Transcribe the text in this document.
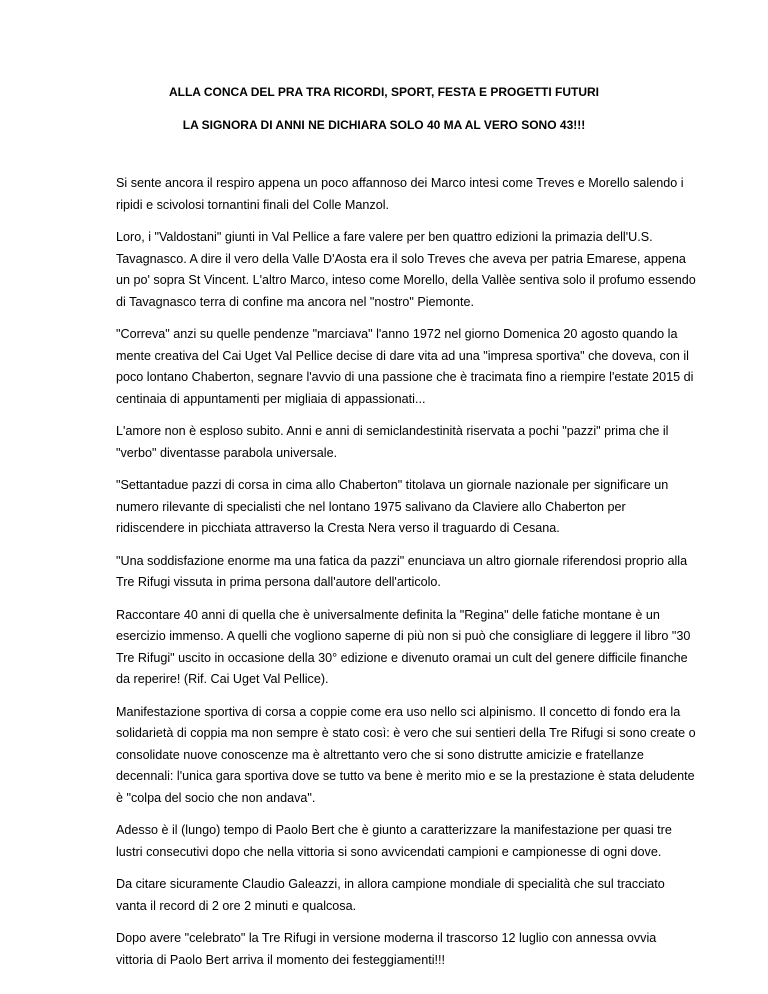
ALLA CONCA DEL PRA TRA RICORDI, SPORT, FESTA E PROGETTI FUTURI
LA SIGNORA DI ANNI NE DICHIARA SOLO 40 MA AL VERO SONO 43!!!

Si sente ancora il respiro appena un poco affannoso dei Marco intesi come Treves e Morello salendo i ripidi e scivolosi tornantini finali del Colle Manzol.

Loro, i "Valdostani" giunti in Val Pellice a fare valere per ben quattro edizioni la primazia dell'U.S. Tavagnasco. A dire il vero della Valle D'Aosta era il solo Treves che aveva per patria Emarese, appena un po' sopra St Vincent. L'altro Marco, inteso come Morello, della Vallèe sentiva solo il profumo essendo di Tavagnasco terra di confine ma ancora nel "nostro" Piemonte.

"Correva" anzi su quelle pendenze "marciava" l'anno 1972 nel giorno Domenica 20 agosto quando la mente creativa del Cai Uget Val Pellice decise di dare vita ad una "impresa sportiva" che doveva, con il poco lontano Chaberton, segnare l'avvio di una passione che è tracimata fino a riempire l'estate 2015 di centinaia di appuntamenti per migliaia di appassionati...

L'amore non è esploso subito. Anni e anni di semiclandestinità riservata a pochi "pazzi" prima che il "verbo" diventasse parabola universale.

"Settantadue pazzi di corsa in cima allo Chaberton" titolava un giornale nazionale per significare un numero rilevante di specialisti che nel lontano 1975 salivano da Claviere allo Chaberton per ridiscendere in picchiata attraverso la Cresta Nera verso il traguardo di Cesana.

"Una soddisfazione enorme ma una fatica da pazzi" enunciava un altro giornale riferendosi proprio alla Tre Rifugi vissuta in prima persona dall'autore dell'articolo.

Raccontare 40 anni di quella che è universalmente definita la "Regina" delle fatiche montane è un esercizio immenso. A quelli che vogliono saperne di più non si può che consigliare di leggere il libro "30 Tre Rifugi" uscito in occasione della 30° edizione e divenuto oramai un cult del genere difficile finanche da reperire! (Rif. Cai Uget Val Pellice).

Manifestazione sportiva di corsa a coppie come era uso nello sci alpinismo. Il concetto di fondo era la solidarietà di coppia ma non sempre è stato così: è vero che sui sentieri della Tre Rifugi si sono create o consolidate nuove conoscenze ma è altrettanto vero che si sono distrutte amicizie e fratellanze decennali: l'unica gara sportiva dove se tutto va bene è merito mio e se la prestazione è stata deludente è "colpa del socio che non andava".

Adesso è il (lungo) tempo di Paolo Bert che è giunto a caratterizzare la manifestazione per quasi tre lustri consecutivi dopo che nella vittoria si sono avvicendati campioni e campionesse di ogni dove.

Da citare sicuramente Claudio Galeazzi, in allora campione mondiale di specialità che sul tracciato vanta il record di 2 ore 2 minuti e qualcosa.

Dopo avere "celebrato" la Tre Rifugi in versione moderna il trascorso 12 luglio con annessa ovvia vittoria di Paolo Bert arriva il momento dei festeggiamenti!!!
